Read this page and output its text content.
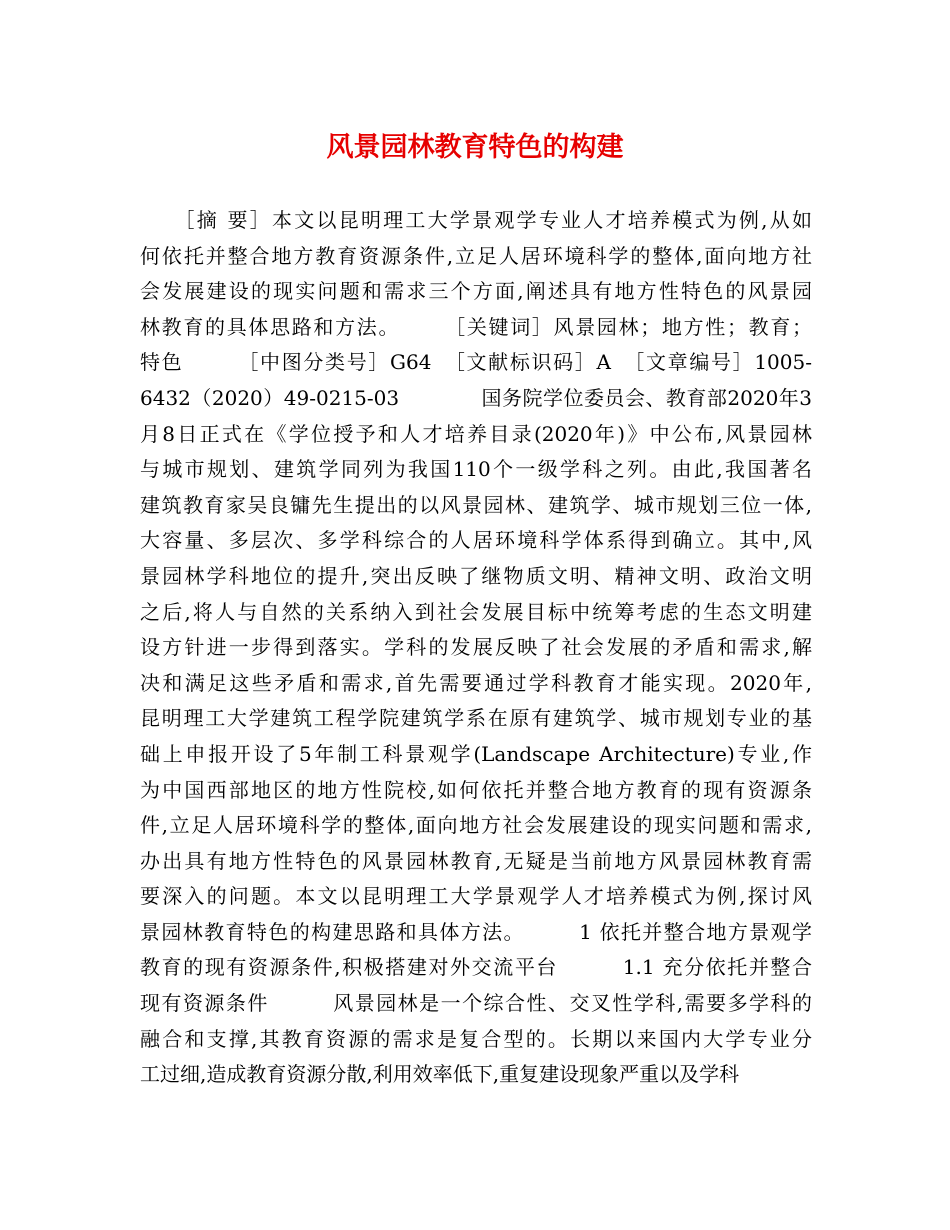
风景园林教育特色的构建
　　［摘 要］本文以昆明理工大学景观学专业人才培养模式为例,从如
何依托并整合地方教育资源条件,立足人居环境科学的整体,面向地方社
会发展建设的现实问题和需求三个方面,阐述具有地方性特色的风景园
林教育的具体思路和方法。　　　［关键词］风景园林；地方性；教育；
特色　　　［中图分类号］G64　［文献标识码］A　［文章编号］1005-
6432（2020）49-0215-03　　　　国务院学位委员会、教育部2020年3
月8日正式在《学位授予和人才培养目录(2020年)》中公布,风景园林
与城市规划、建筑学同列为我国110个一级学科之列。由此,我国著名
建筑教育家吴良镛先生提出的以风景园林、建筑学、城市规划三位一体,
大容量、多层次、多学科综合的人居环境科学体系得到确立。其中,风
景园林学科地位的提升,突出反映了继物质文明、精神文明、政治文明
之后,将人与自然的关系纳入到社会发展目标中统筹考虑的生态文明建
设方针进一步得到落实。学科的发展反映了社会发展的矛盾和需求,解
决和满足这些矛盾和需求,首先需要通过学科教育才能实现。2020年,
昆明理工大学建筑工程学院建筑学系在原有建筑学、城市规划专业的基
础上申报开设了5年制工科景观学(Landscape Architecture)专业,作
为中国西部地区的地方性院校,如何依托并整合地方教育的现有资源条
件,立足人居环境科学的整体,面向地方社会发展建设的现实问题和需求,
办出具有地方性特色的风景园林教育,无疑是当前地方风景园林教育需
要深入的问题。本文以昆明理工大学景观学人才培养模式为例,探讨风
景园林教育特色的构建思路和具体方法。　　　1 依托并整合地方景观学
教育的现有资源条件,积极搭建对外交流平台　　　1.1 充分依托并整合
现有资源条件　　　风景园林是一个综合性、交叉性学科,需要多学科的
融合和支撑,其教育资源的需求是复合型的。长期以来国内大学专业分
工过细,造成教育资源分散,利用效率低下,重复建设现象严重以及学科
